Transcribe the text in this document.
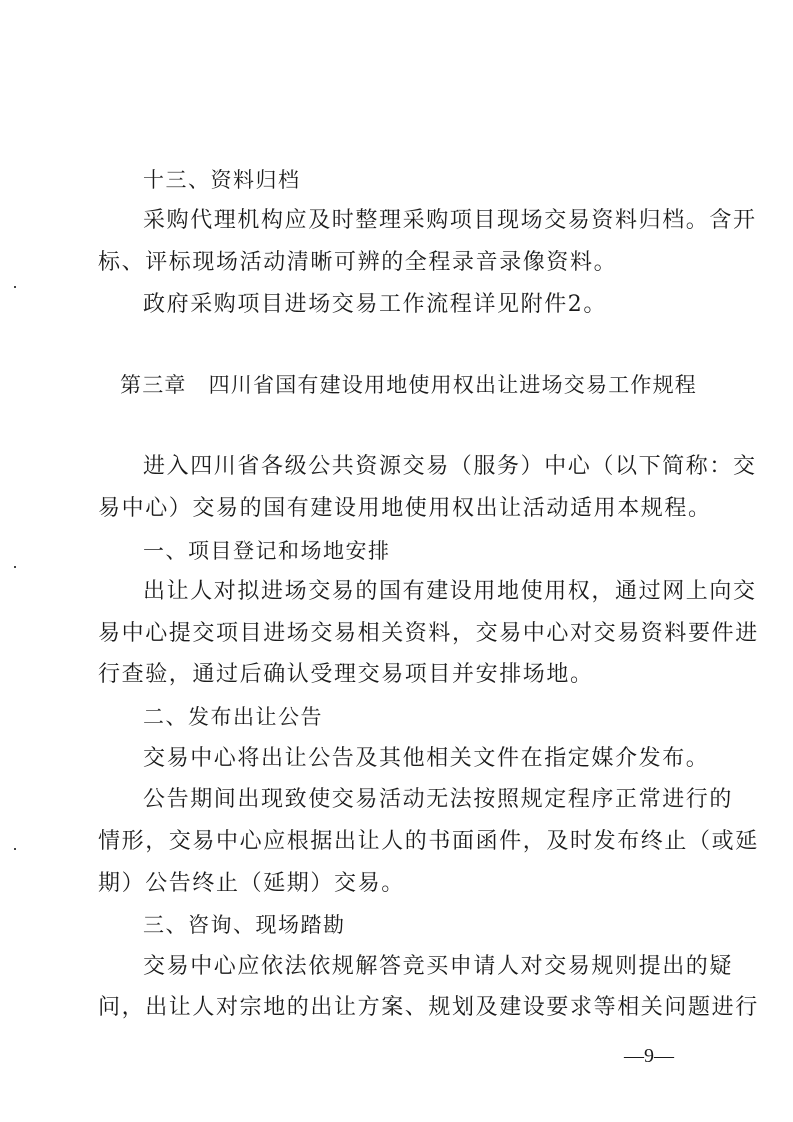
十三、资料归档
采购代理机构应及时整理采购项目现场交易资料归档。含开
标、评标现场活动清晰可辨的全程录音录像资料。
政府采购项目进场交易工作流程详见附件2。
第三章 四川省国有建设用地使用权出让进场交易工作规程
进入四川省各级公共资源交易（服务）中心（以下简称：交
易中心）交易的国有建设用地使用权出让活动适用本规程。
一、项目登记和场地安排
出让人对拟进场交易的国有建设用地使用权，通过网上向交
易中心提交项目进场交易相关资料，交易中心对交易资料要件进
行查验，通过后确认受理交易项目并安排场地。
二、发布出让公告
交易中心将出让公告及其他相关文件在指定媒介发布。
公告期间出现致使交易活动无法按照规定程序正常进行的
情形，交易中心应根据出让人的书面函件，及时发布终止（或延
期）公告终止（延期）交易。
三、咨询、现场踏勘
交易中心应依法依规解答竞买申请人对交易规则提出的疑
问，出让人对宗地的出让方案、规划及建设要求等相关问题进行
—9—
